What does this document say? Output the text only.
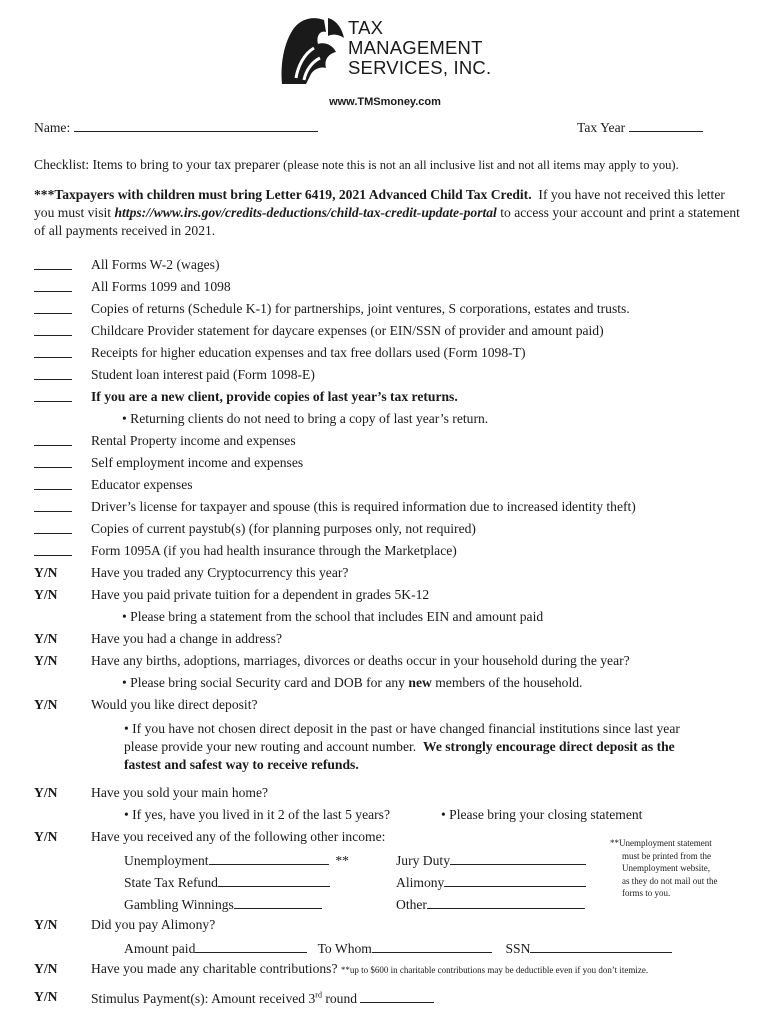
TAX
MANAGEMENT
SERVICES, INC.
www.TMSmoney.com
Name:	Tax Year
Checklist: Items to bring to your tax preparer (please note this is not an all inclusive list and not all items may apply to you).
***Taxpayers with children must bring Letter 6419, 2021 Advanced Child Tax Credit. If you have not received this letter you must visit https://www.irs.gov/credits-deductions/child-tax-credit-update-portal to access your account and print a statement of all payments received in 2021.
All Forms W-2 (wages)
All Forms 1099 and 1098
Copies of returns (Schedule K-1) for partnerships, joint ventures, S corporations, estates and trusts.
Childcare Provider statement for daycare expenses (or EIN/SSN of provider and amount paid)
Receipts for higher education expenses and tax free dollars used (Form 1098-T)
Student loan interest paid (Form 1098-E)
If you are a new client, provide copies of last year’s tax returns.
• Returning clients do not need to bring a copy of last year’s return.
Rental Property income and expenses
Self employment income and expenses
Educator expenses
Driver’s license for taxpayer and spouse (this is required information due to increased identity theft)
Copies of current paystub(s) (for planning purposes only, not required)
Form 1095A (if you had health insurance through the Marketplace)
Y/N Have you traded any Cryptocurrency this year?
Y/N Have you paid private tuition for a dependent in grades 5K-12
• Please bring a statement from the school that includes EIN and amount paid
Y/N Have you had a change in address?
Y/N Have any births, adoptions, marriages, divorces or deaths occur in your household during the year?
• Please bring social Security card and DOB for any new members of the household.
Y/N Would you like direct deposit?
• If you have not chosen direct deposit in the past or have changed financial institutions since last year
please provide your new routing and account number. We strongly encourage direct deposit as the
fastest and safest way to receive refunds.
Y/N Have you sold your main home?
• If yes, have you lived in it 2 of the last 5 years?	• Please bring your closing statement
Y/N Have you received any of the following other income:
Unemployment	**	Jury Duty
State Tax Refund	Alimony
Gambling Winnings	Other
**Unemployment statement
must be printed from the
Unemployment website,
as they do not mail out the
forms to you.
Y/N Did you pay Alimony?
Amount paid	To Whom	SSN
Y/N Have you made any charitable contributions? **up to $600 in charitable contributions may be deductible even if you don’t itemize.
Y/N Stimulus Payment(s): Amount received 3rd round
